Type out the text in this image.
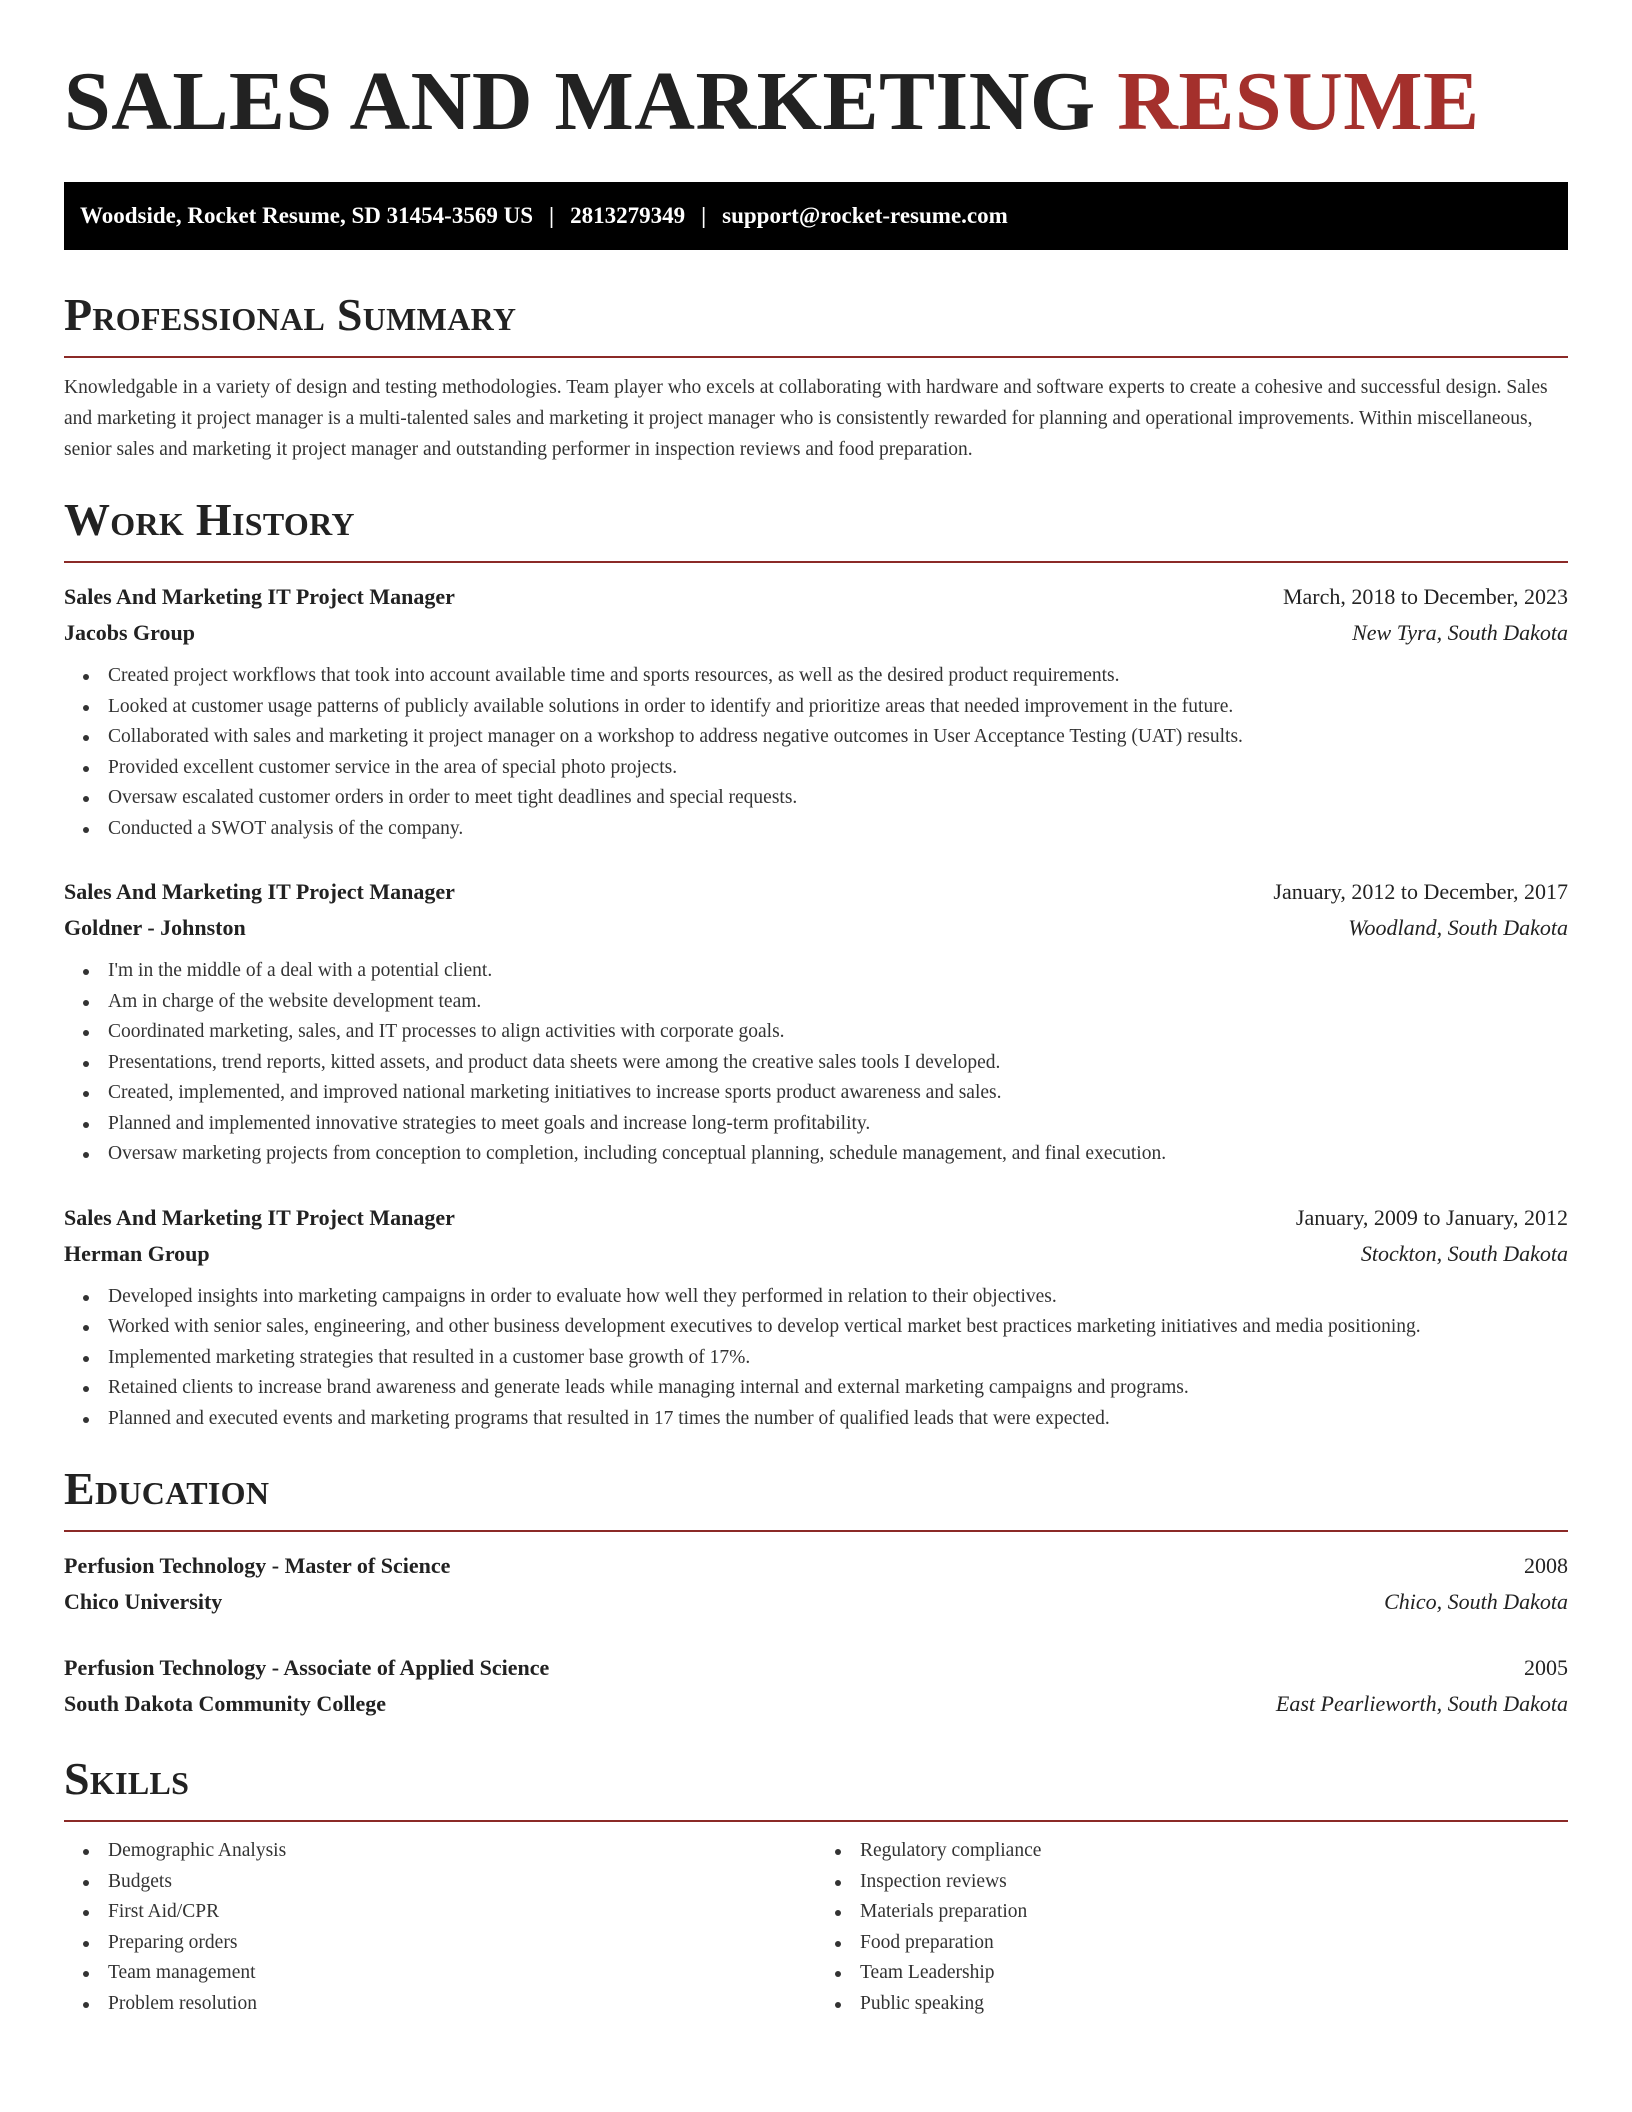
SALES AND MARKETING RESUME
Woodside, Rocket Resume, SD 31454-3569 US | 2813279349 | support@rocket-resume.com
Professional Summary

Knowledgable in a variety of design and testing methodologies. Team player who excels at collaborating with hardware and software experts to create a cohesive and successful design. Sales and marketing it project manager is a multi-talented sales and marketing it project manager who is consistently rewarded for planning and operational improvements. Within miscellaneous, senior sales and marketing it project manager and outstanding performer in inspection reviews and food preparation.

Work History
Sales And Marketing IT Project Manager	March, 2018 to December, 2023
Jacobs Group	New Tyra, South Dakota
Created project workflows that took into account available time and sports resources, as well as the desired product requirements.
Looked at customer usage patterns of publicly available solutions in order to identify and prioritize areas that needed improvement in the future.
Collaborated with sales and marketing it project manager on a workshop to address negative outcomes in User Acceptance Testing (UAT) results.
Provided excellent customer service in the area of special photo projects.
Oversaw escalated customer orders in order to meet tight deadlines and special requests.
Conducted a SWOT analysis of the company.
Sales And Marketing IT Project Manager	January, 2012 to December, 2017
Goldner - Johnston	Woodland, South Dakota
I'm in the middle of a deal with a potential client.
Am in charge of the website development team.
Coordinated marketing, sales, and IT processes to align activities with corporate goals.
Presentations, trend reports, kitted assets, and product data sheets were among the creative sales tools I developed.
Created, implemented, and improved national marketing initiatives to increase sports product awareness and sales.
Planned and implemented innovative strategies to meet goals and increase long-term profitability.
Oversaw marketing projects from conception to completion, including conceptual planning, schedule management, and final execution.
Sales And Marketing IT Project Manager	January, 2009 to January, 2012
Herman Group	Stockton, South Dakota
Developed insights into marketing campaigns in order to evaluate how well they performed in relation to their objectives.
Worked with senior sales, engineering, and other business development executives to develop vertical market best practices marketing initiatives and media positioning.
Implemented marketing strategies that resulted in a customer base growth of 17%.
Retained clients to increase brand awareness and generate leads while managing internal and external marketing campaigns and programs.
Planned and executed events and marketing programs that resulted in 17 times the number of qualified leads that were expected.
Education
Perfusion Technology - Master of Science	2008
Chico University	Chico, South Dakota
Perfusion Technology - Associate of Applied Science	2005
South Dakota Community College	East Pearlieworth, South Dakota
Skills
Demographic Analysis
Budgets
First Aid/CPR
Preparing orders
Team management
Problem resolution
Regulatory compliance
Inspection reviews
Materials preparation
Food preparation
Team Leadership
Public speaking
